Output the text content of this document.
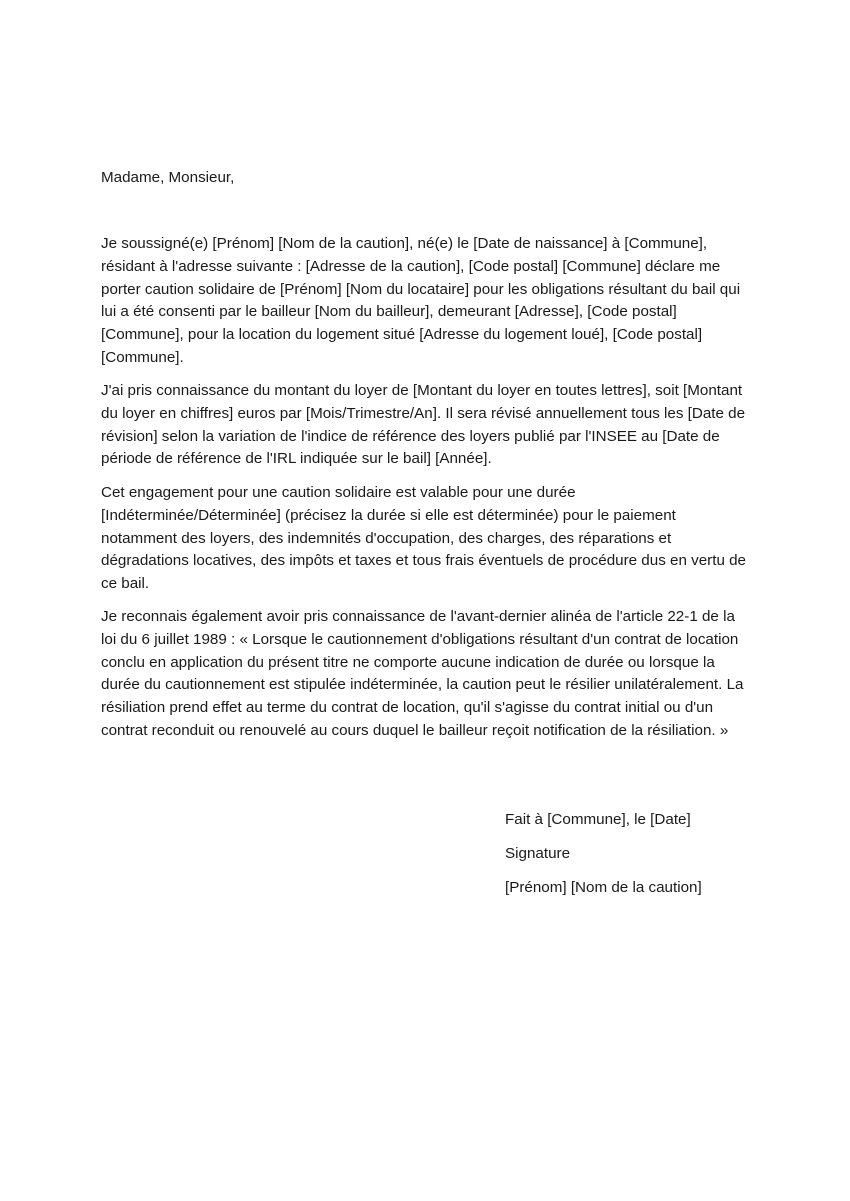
Madame, Monsieur,

Je soussigné(e) [Prénom] [Nom de la caution], né(e) le [Date de naissance] à [Commune], résidant à l'adresse suivante : [Adresse de la caution], [Code postal] [Commune] déclare me porter caution solidaire de [Prénom] [Nom du locataire] pour les obligations résultant du bail qui lui a été consenti par le bailleur [Nom du bailleur], demeurant [Adresse], [Code postal] [Commune], pour la location du logement situé [Adresse du logement loué], [Code postal] [Commune].

J'ai pris connaissance du montant du loyer de [Montant du loyer en toutes lettres], soit [Montant du loyer en chiffres] euros par [Mois/Trimestre/An]. Il sera révisé annuellement tous les [Date de révision] selon la variation de l'indice de référence des loyers publié par l'INSEE au [Date de période de référence de l'IRL indiquée sur le bail] [Année].

Cet engagement pour une caution solidaire est valable pour une durée [Indéterminée/Déterminée] (précisez la durée si elle est déterminée) pour le paiement notamment des loyers, des indemnités d'occupation, des charges, des réparations et dégradations locatives, des impôts et taxes et tous frais éventuels de procédure dus en vertu de ce bail.

Je reconnais également avoir pris connaissance de l'avant-dernier alinéa de l'article 22-1 de la loi du 6 juillet 1989 : « Lorsque le cautionnement d'obligations résultant d'un contrat de location conclu en application du présent titre ne comporte aucune indication de durée ou lorsque la durée du cautionnement est stipulée indéterminée, la caution peut le résilier unilatéralement. La résiliation prend effet au terme du contrat de location, qu'il s'agisse du contrat initial ou d'un contrat reconduit ou renouvelé au cours duquel le bailleur reçoit notification de la résiliation. »

Fait à [Commune], le [Date]

Signature

[Prénom] [Nom de la caution]
